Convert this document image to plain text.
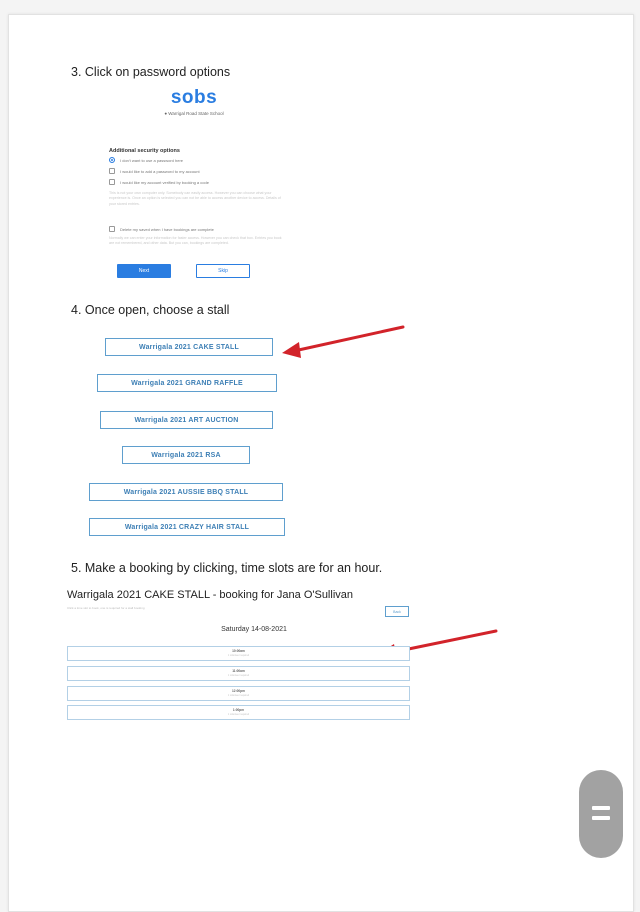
3. Click on password options
sobs
● Warrigal Road State School
Additional security options
I don't want to use a password here
I would like to add a password to my account
I would like my account verified by booking a code
This is not your own computer only. Somebody can easily access. However you can choose what your experience is. Once an option is selected you can not be able to access another device to access. Details of your stored entries.
Delete my saved when I have bookings are complete
Normally we can enter your information for faster access. However you can check that box. Entries you book are not remembered, and other data. But you can, bookings are completed.
Next	Skip
4. Once open, choose a stall
Warrigala 2021 CAKE STALL
Warrigala 2021 GRAND RAFFLE
Warrigala 2021 ART AUCTION
Warrigala 2021 RSA
Warrigala 2021 AUSSIE BBQ STALL
Warrigala 2021 CRAZY HAIR STALL
5. Make a booking by clicking, time slots are for an hour.
Warrigala 2021 CAKE STALL - booking for Jana O'Sullivan
Click a time slot to book, one is required for a stall booking
Back
Saturday 14-08-2021
10:00am
1 volunteer required
11:00am
1 volunteer required
12:00pm
1 volunteer required
1:00pm
1 volunteer required
